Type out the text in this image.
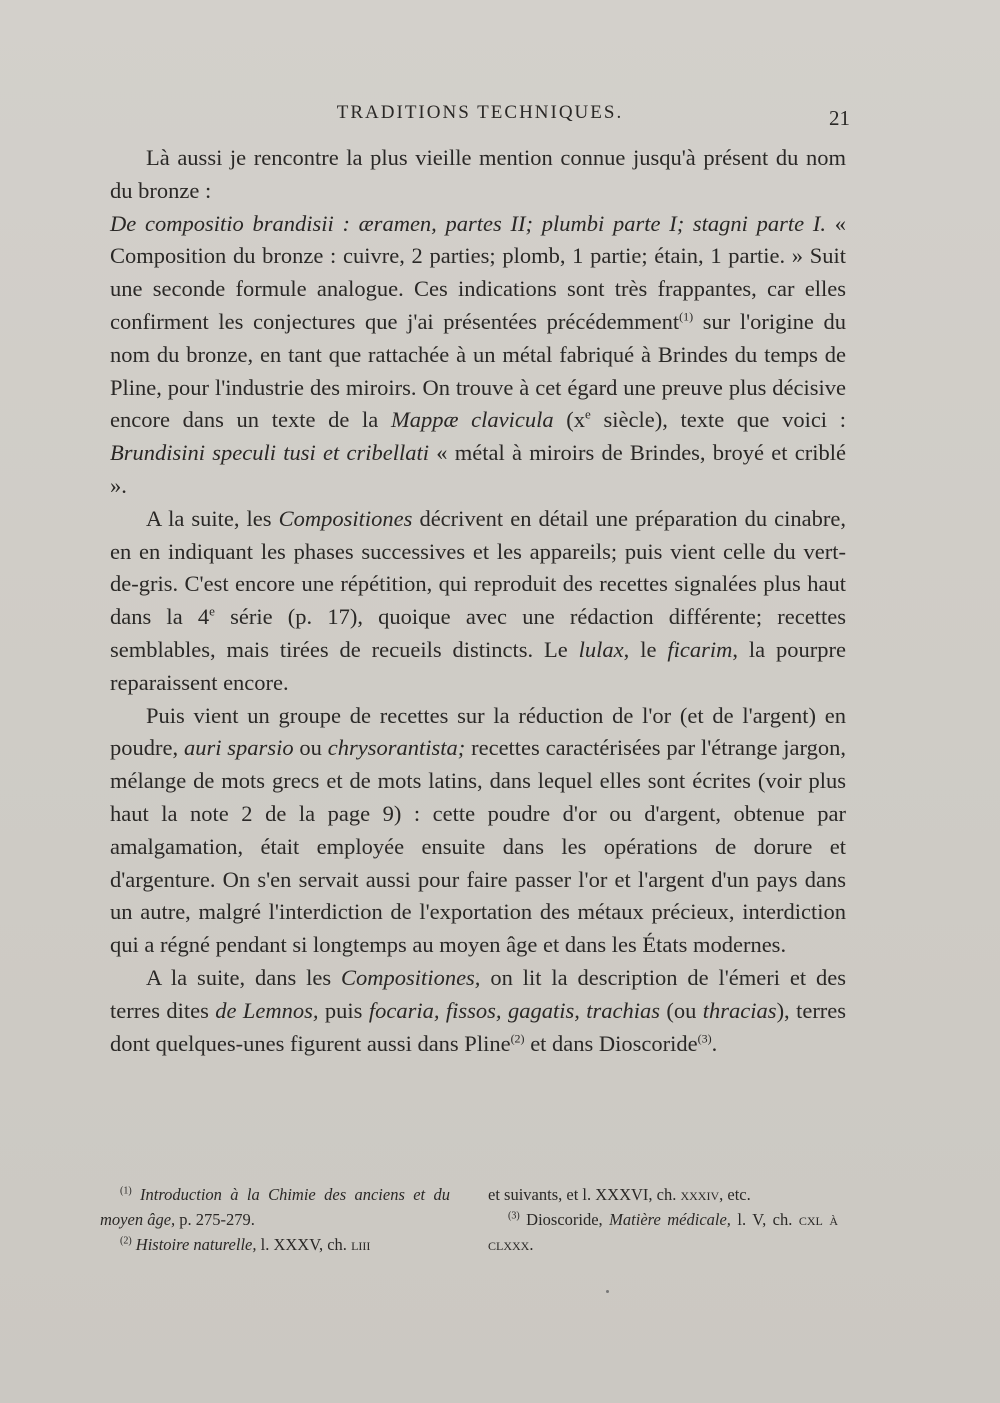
TRADITIONS TECHNIQUES.	21

Là aussi je rencontre la plus vieille mention connue jusqu'à présent du nom du bronze :

De compositio brandisii : æramen, partes II; plumbi parte I; stagni parte I. « Composition du bronze : cuivre, 2 parties; plomb, 1 partie; étain, 1 partie. » Suit une seconde formule analogue. Ces indications sont très frappantes, car elles confirment les conjectures que j'ai présentées précédemment$^{(1)}$ sur l'origine du nom du bronze, en tant que rattachée à un métal fabriqué à Brindes du temps de Pline, pour l'industrie des miroirs. On trouve à cet égard une preuve plus décisive encore dans un texte de la Mappæ clavicula ($x^e$ siècle), texte que voici : Brundisini speculi tusi et cribellati « métal à miroirs de Brindes, broyé et criblé ».

A la suite, les Compositiones décrivent en détail une préparation du cinabre, en en indiquant les phases successives et les appareils; puis vient celle du vert-de-gris. C'est encore une répétition, qui reproduit des recettes signalées plus haut dans la 4e série (p. 17), quoique avec une rédaction différente; recettes semblables, mais tirées de recueils distincts. Le lulax, le ficarim, la pourpre reparaissent encore.

Puis vient un groupe de recettes sur la réduction de l'or (et de l'argent) en poudre, auri sparsio ou chrysorantista; recettes caractérisées par l'étrange jargon, mélange de mots grecs et de mots latins, dans lequel elles sont écrites (voir plus haut la note 2 de la page 9) : cette poudre d'or ou d'argent, obtenue par amalgamation, était employée ensuite dans les opérations de dorure et d'argenture. On s'en servait aussi pour faire passer l'or et l'argent d'un pays dans un autre, malgré l'interdiction de l'exportation des métaux précieux, interdiction qui a régné pendant si longtemps au moyen âge et dans les États modernes.

A la suite, dans les Compositiones, on lit la description de l'émeri et des terres dites de Lemnos, puis focaria, fissos, gagatis, trachias (ou thracias), terres dont quelques-unes figurent aussi dans Pline$^{(2)}$ et dans Dioscoride$^{(3)}$.

$^{(1)}$ Introduction à la Chimie des anciens et du moyen âge, p. 275-279.

$^{(2)}$ Histoire naturelle, l. XXXV, ch. liii

et suivants, et l. XXXVI, ch. xxxiv, etc.

$^{(3)}$ Dioscoride, Matière médicale, l. V, ch. cxl à clxxx.
